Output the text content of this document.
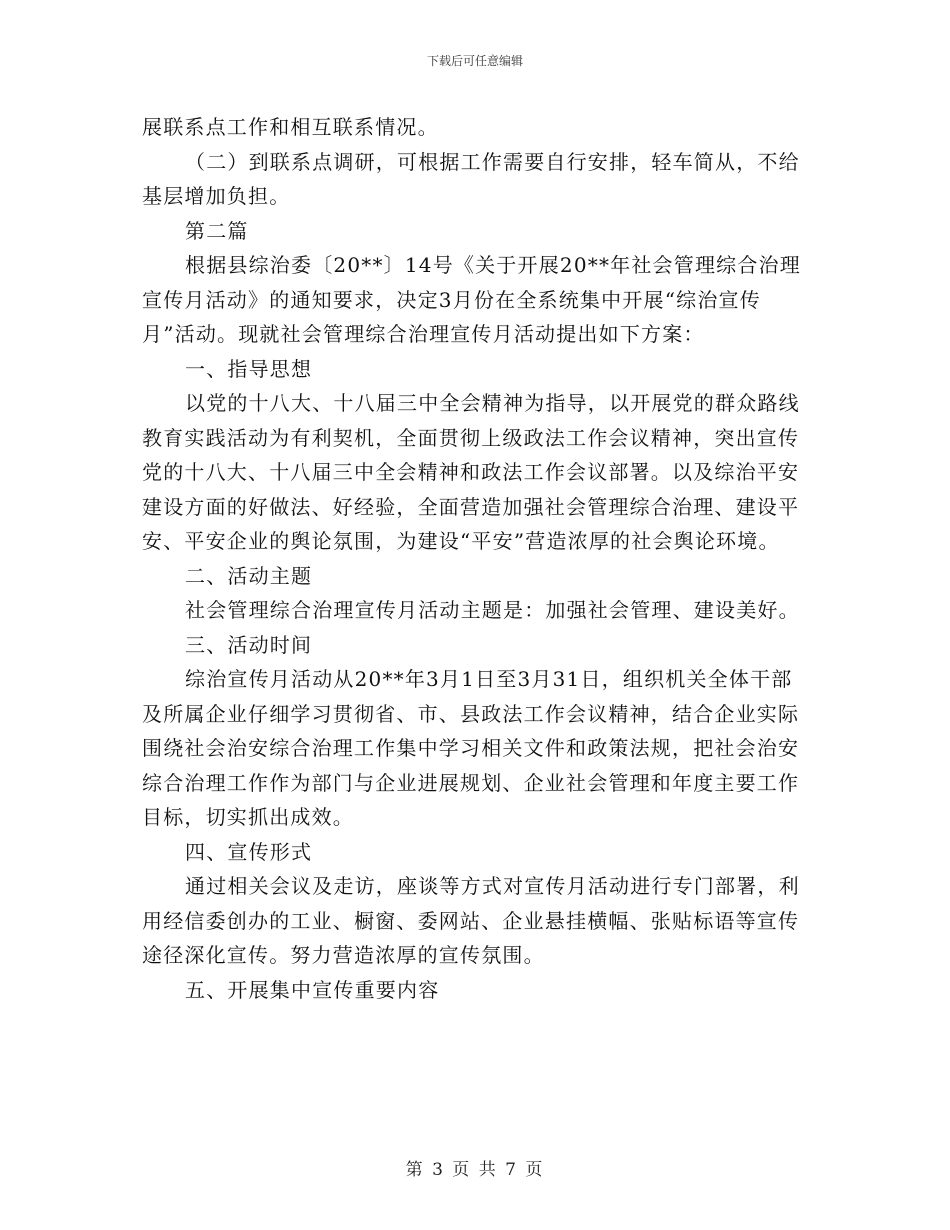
下载后可任意编辑

展联系点工作和相互联系情况。

（二）到联系点调研，可根据工作需要自行安排，轻车简从，不给基层增加负担。

第二篇

根据县综治委〔20**〕14号《关于开展20**年社会管理综合治理宣传月活动》的通知要求，决定3月份在全系统集中开展“综治宣传月”活动。现就社会管理综合治理宣传月活动提出如下方案：

一、指导思想

以党的十八大、十八届三中全会精神为指导，以开展党的群众路线教育实践活动为有利契机，全面贯彻上级政法工作会议精神，突出宣传党的十八大、十八届三中全会精神和政法工作会议部署。以及综治平安建设方面的好做法、好经验，全面营造加强社会管理综合治理、建设平安、平安企业的舆论氛围，为建设“平安”营造浓厚的社会舆论环境。

二、活动主题

社会管理综合治理宣传月活动主题是：加强社会管理、建设美好。

三、活动时间

综治宣传月活动从20**年3月1日至3月31日，组织机关全体干部及所属企业仔细学习贯彻省、市、县政法工作会议精神，结合企业实际围绕社会治安综合治理工作集中学习相关文件和政策法规，把社会治安综合治理工作作为部门与企业进展规划、企业社会管理和年度主要工作目标，切实抓出成效。

四、宣传形式

通过相关会议及走访，座谈等方式对宣传月活动进行专门部署，利用经信委创办的工业、橱窗、委网站、企业悬挂横幅、张贴标语等宣传途径深化宣传。努力营造浓厚的宣传氛围。

五、开展集中宣传重要内容

第 3 页 共 7 页
